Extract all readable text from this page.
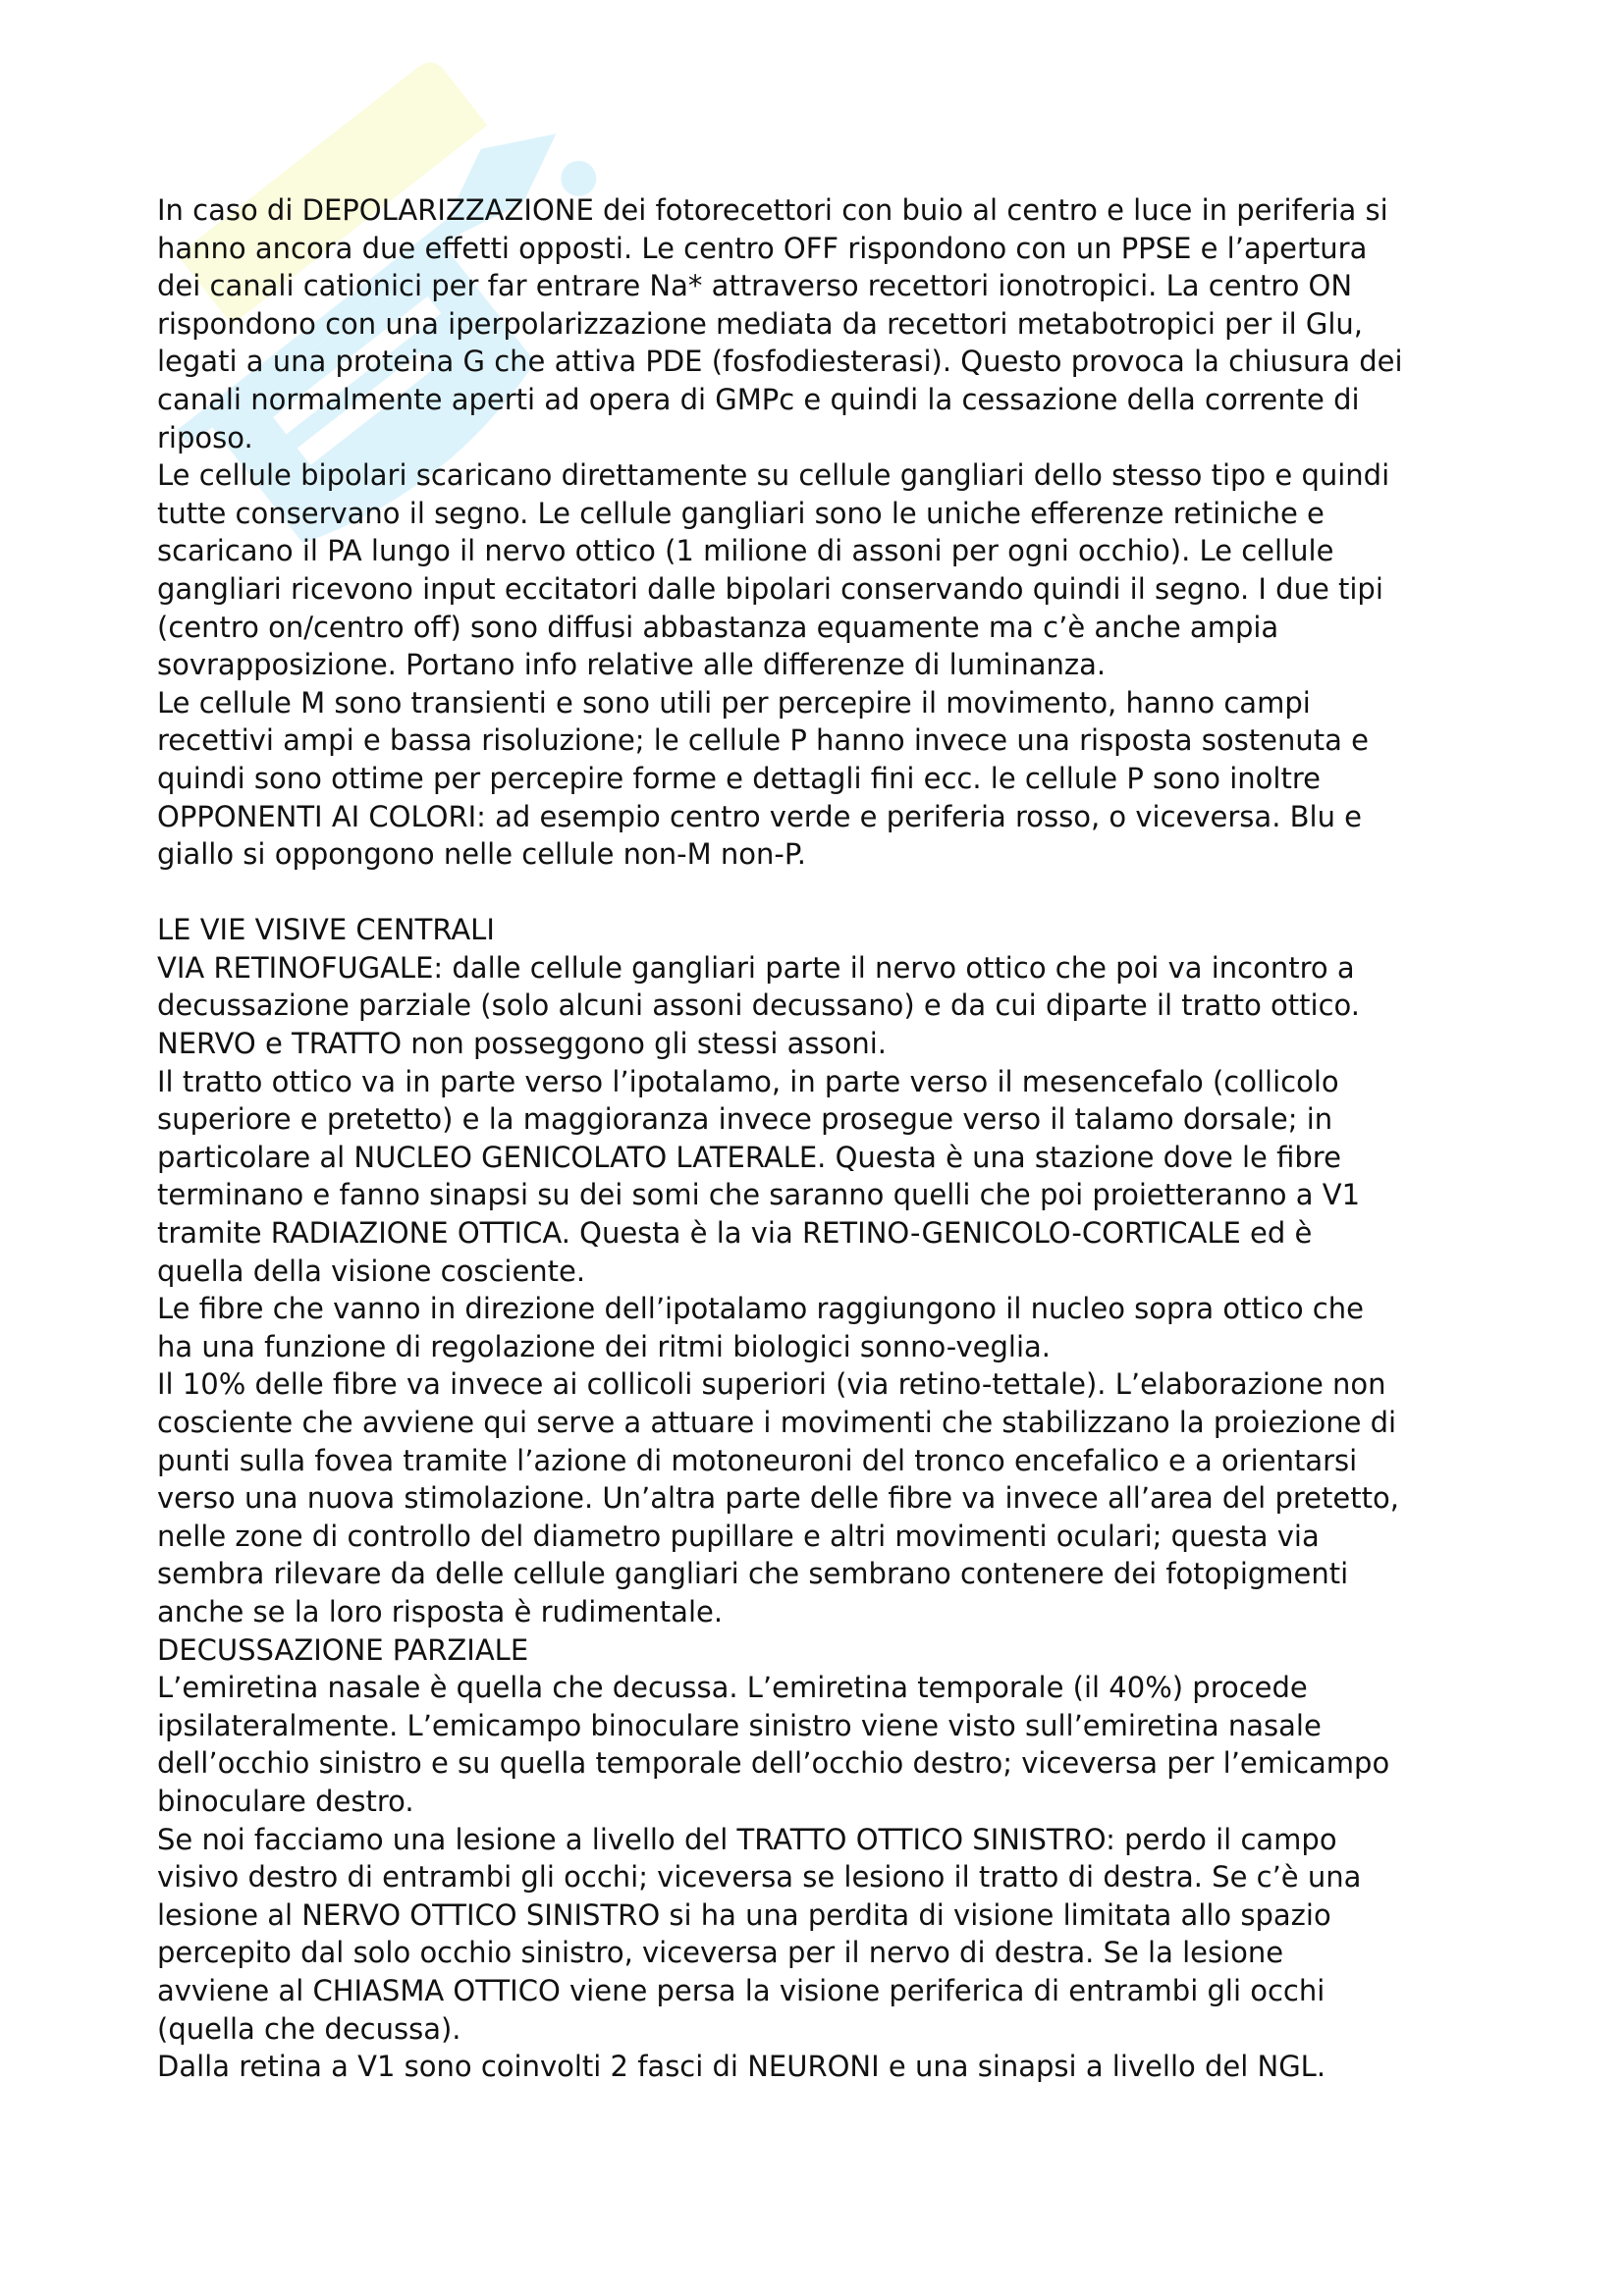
In caso di DEPOLARIZZAZIONE dei fotorecettori con buio al centro e luce in periferia si
hanno ancora due effetti opposti. Le centro OFF rispondono con un PPSE e l’apertura
dei canali cationici per far entrare Na* attraverso recettori ionotropici. La centro ON
rispondono con una iperpolarizzazione mediata da recettori metabotropici per il Glu,
legati a una proteina G che attiva PDE (fosfodiesterasi). Questo provoca la chiusura dei
canali normalmente aperti ad opera di GMPc e quindi la cessazione della corrente di
riposo.
Le cellule bipolari scaricano direttamente su cellule gangliari dello stesso tipo e quindi
tutte conservano il segno. Le cellule gangliari sono le uniche efferenze retiniche e
scaricano il PA lungo il nervo ottico (1 milione di assoni per ogni occhio). Le cellule
gangliari ricevono input eccitatori dalle bipolari conservando quindi il segno. I due tipi
(centro on/centro off) sono diffusi abbastanza equamente ma c’è anche ampia
sovrapposizione. Portano info relative alle differenze di luminanza.
Le cellule M sono transienti e sono utili per percepire il movimento, hanno campi
recettivi ampi e bassa risoluzione; le cellule P hanno invece una risposta sostenuta e
quindi sono ottime per percepire forme e dettagli fini ecc. le cellule P sono inoltre
OPPONENTI AI COLORI: ad esempio centro verde e periferia rosso, o viceversa. Blu e
giallo si oppongono nelle cellule non-M non-P.
LE VIE VISIVE CENTRALI
VIA RETINOFUGALE: dalle cellule gangliari parte il nervo ottico che poi va incontro a
decussazione parziale (solo alcuni assoni decussano) e da cui diparte il tratto ottico.
NERVO e TRATTO non posseggono gli stessi assoni.
Il tratto ottico va in parte verso l’ipotalamo, in parte verso il mesencefalo (collicolo
superiore e pretetto) e la maggioranza invece prosegue verso il talamo dorsale; in
particolare al NUCLEO GENICOLATO LATERALE. Questa è una stazione dove le fibre
terminano e fanno sinapsi su dei somi che saranno quelli che poi proietteranno a V1
tramite RADIAZIONE OTTICA. Questa è la via RETINO-GENICOLO-CORTICALE ed è
quella della visione cosciente.
Le fibre che vanno in direzione dell’ipotalamo raggiungono il nucleo sopra ottico che
ha una funzione di regolazione dei ritmi biologici sonno-veglia.
Il 10% delle fibre va invece ai collicoli superiori (via retino-tettale). L’elaborazione non
cosciente che avviene qui serve a attuare i movimenti che stabilizzano la proiezione di
punti sulla fovea tramite l’azione di motoneuroni del tronco encefalico e a orientarsi
verso una nuova stimolazione. Un’altra parte delle fibre va invece all’area del pretetto,
nelle zone di controllo del diametro pupillare e altri movimenti oculari; questa via
sembra rilevare da delle cellule gangliari che sembrano contenere dei fotopigmenti
anche se la loro risposta è rudimentale.
DECUSSAZIONE PARZIALE
L’emiretina nasale è quella che decussa. L’emiretina temporale (il 40%) procede
ipsilateralmente. L’emicampo binoculare sinistro viene visto sull’emiretina nasale
dell’occhio sinistro e su quella temporale dell’occhio destro; viceversa per l’emicampo
binoculare destro.
Se noi facciamo una lesione a livello del TRATTO OTTICO SINISTRO: perdo il campo
visivo destro di entrambi gli occhi; viceversa se lesiono il tratto di destra. Se c’è una
lesione al NERVO OTTICO SINISTRO si ha una perdita di visione limitata allo spazio
percepito dal solo occhio sinistro, viceversa per il nervo di destra. Se la lesione
avviene al CHIASMA OTTICO viene persa la visione periferica di entrambi gli occhi
(quella che decussa).
Dalla retina a V1 sono coinvolti 2 fasci di NEURONI e una sinapsi a livello del NGL.
